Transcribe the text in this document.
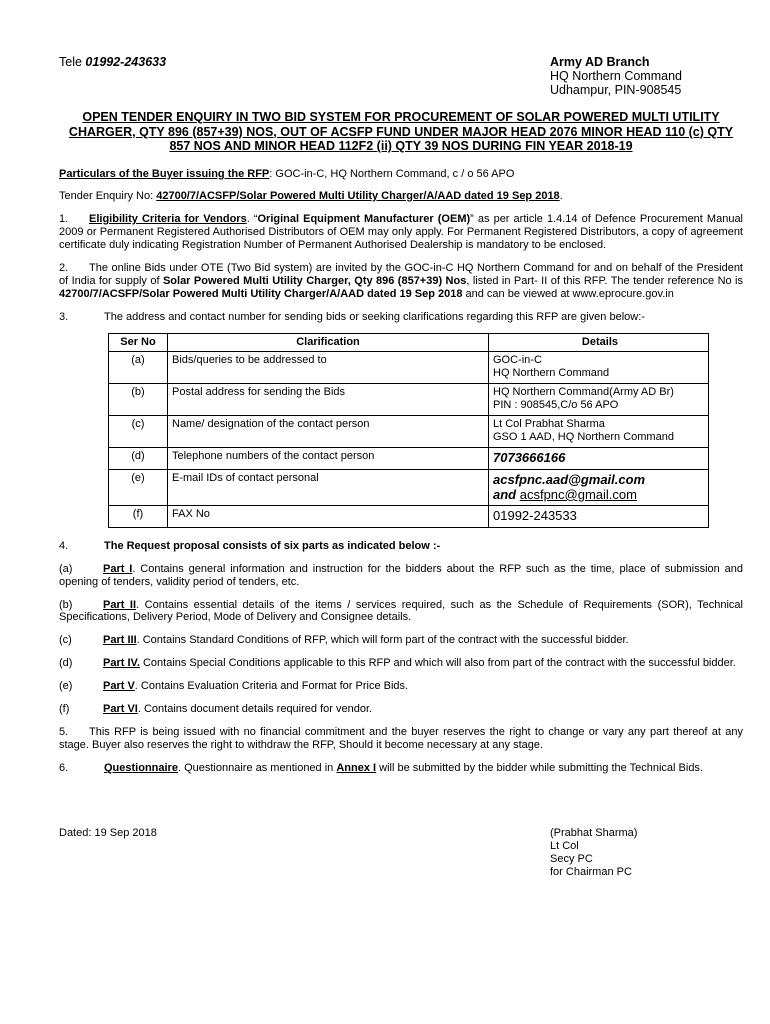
Tele 01992-243633	Army AD Branch
HQ Northern Command
Udhampur, PIN-908545
OPEN TENDER ENQUIRY IN TWO BID SYSTEM FOR PROCUREMENT OF SOLAR POWERED MULTI UTILITY CHARGER, QTY 896 (857+39) NOS, OUT OF ACSFP FUND UNDER MAJOR HEAD 2076 MINOR HEAD 110 (c) QTY 857 NOS AND MINOR HEAD 112F2 (ii) QTY 39 NOS DURING FIN YEAR 2018-19

Particulars of the Buyer issuing the RFP: GOC-in-C, HQ Northern Command, c / o 56 APO

Tender Enquiry No: 42700/7/ACSFP/Solar Powered Multi Utility Charger/A/AAD dated 19 Sep 2018.

1. Eligibility Criteria for Vendors. “Original Equipment Manufacturer (OEM)” as per article 1.4.14 of Defence Procurement Manual 2009 or Permanent Registered Authorised Distributors of OEM may only apply. For Permanent Registered Distributors, a copy of agreement certificate duly indicating Registration Number of Permanent Authorised Dealership is mandatory to be enclosed.

2. The online Bids under OTE (Two Bid system) are invited by the GOC-in-C HQ Northern Command for and on behalf of the President of India for supply of Solar Powered Multi Utility Charger, Qty 896 (857+39) Nos, listed in Part- II of this RFP. The tender reference No is 42700/7/ACSFP/Solar Powered Multi Utility Charger/A/AAD dated 19 Sep 2018 and can be viewed at www.eprocure.gov.in

3.	The address and contact number for sending bids or seeking clarifications regarding this RFP are given below:-

Ser No	Clarification	Details
(a)	Bids/queries to be addressed to	GOC-in-C
HQ Northern Command

(b)	Postal address for sending the Bids	HQ Northern Command(Army AD Br)
PIN : 908545,C/o 56 APO

(c)	Name/ designation of the contact person	Lt Col Prabhat Sharma
GSO 1 AAD, HQ Northern Command

(d)	Telephone numbers of the contact person	7073666166

(e)	E-mail IDs of contact personal	acsfpnc.aad@gmail.com
and acsfpnc@gmail.com

(f)	FAX No	01992-243533

4.	The Request proposal consists of six parts as indicated below :-

(a)	Part I. Contains general information and instruction for the bidders about the RFP such as the time, place of submission and opening of tenders, validity period of tenders, etc.

(b)	Part II. Contains essential details of the items / services required, such as the Schedule of Requirements (SOR), Technical Specifications, Delivery Period, Mode of Delivery and Consignee details.

(c)	Part III. Contains Standard Conditions of RFP, which will form part of the contract with the successful bidder.

(d)	Part IV. Contains Special Conditions applicable to this RFP and which will also from part of the contract with the successful bidder.

(e)	Part V. Contains Evaluation Criteria and Format for Price Bids.

(f)	Part VI. Contains document details required for vendor.

5. This RFP is being issued with no financial commitment and the buyer reserves the right to change or vary any part thereof at any stage. Buyer also reserves the right to withdraw the RFP, Should it become necessary at any stage.

6.	Questionnaire. Questionnaire as mentioned in Annex I will be submitted by the bidder while submitting the Technical Bids.

Dated: 19 Sep 2018	(Prabhat Sharma)
Lt Col
Secy PC
for Chairman PC
